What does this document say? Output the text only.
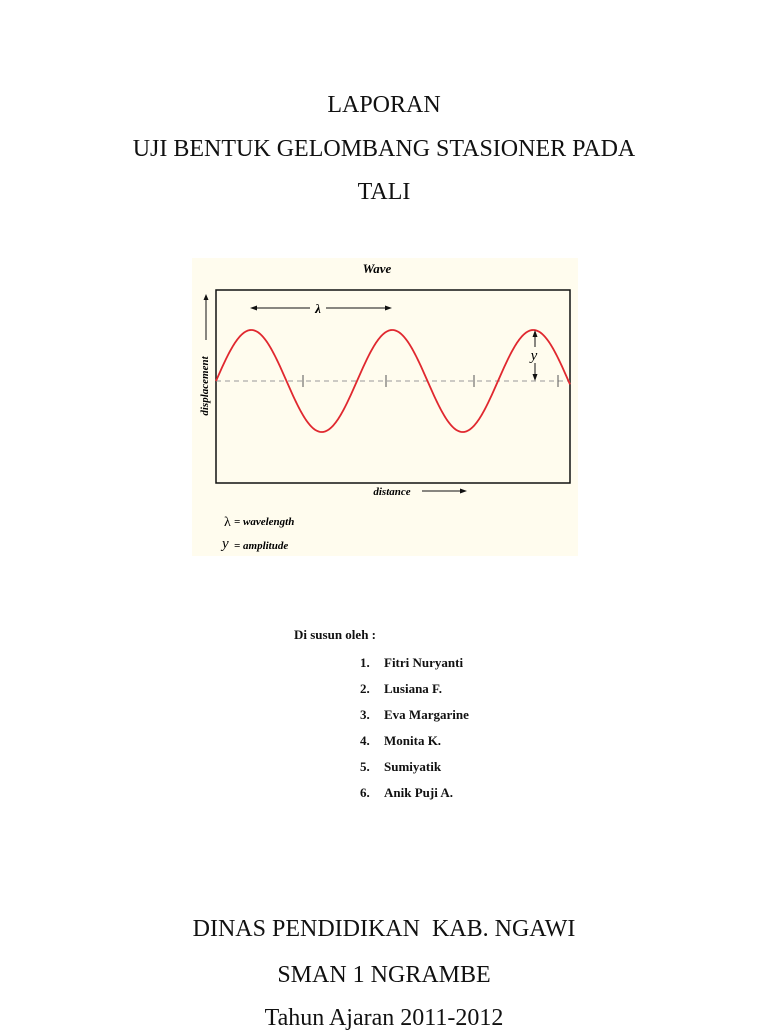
LAPORAN
UJI BENTUK GELOMBANG STASIONER PADA
TALI
Wave
displacement
distance
λ
y
λ = wavelength
y = amplitude
Di susun oleh :
1. Fitri Nuryanti
2. Lusiana F.
3. Eva Margarine
4. Monita K.
5. Sumiyatik
6. Anik Puji A.
DINAS PENDIDIKAN  KAB. NGAWI
SMAN 1 NGRAMBE
Tahun Ajaran 2011-2012
